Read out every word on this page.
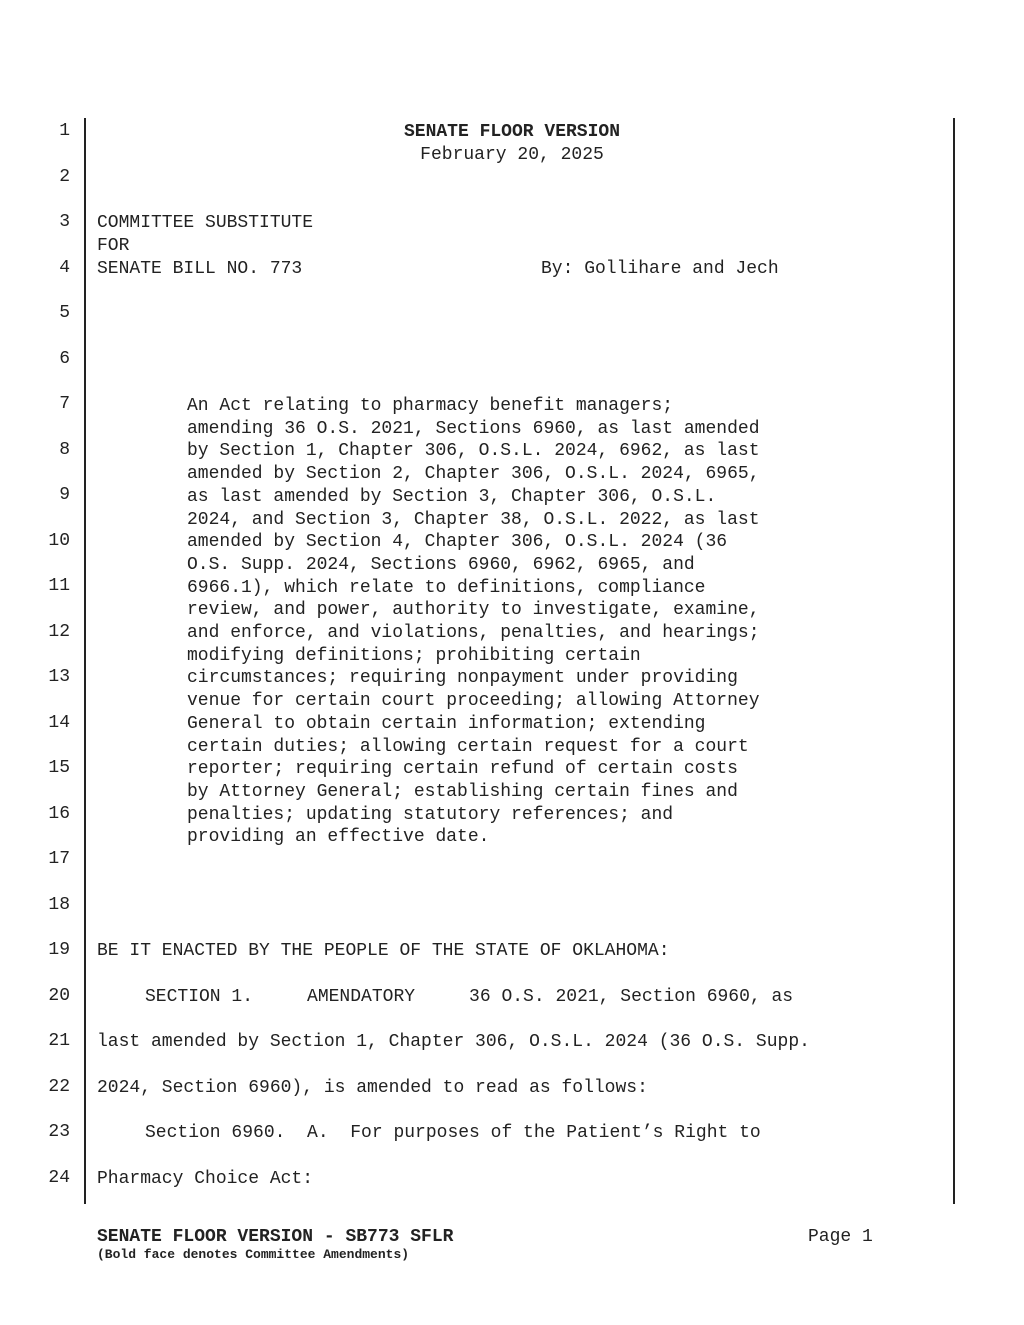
1
2
3
4
5
6
7
8
9
10
11
12
13
14
15
16
17
18
19
20
21
22
23
24
SENATE FLOOR VERSION
February 20, 2025
COMMITTEE SUBSTITUTE
FOR
SENATE BILL NO. 773	By: Gollihare and Jech
An Act relating to pharmacy benefit managers;
amending 36 O.S. 2021, Sections 6960, as last amended
by Section 1, Chapter 306, O.S.L. 2024, 6962, as last
amended by Section 2, Chapter 306, O.S.L. 2024, 6965,
as last amended by Section 3, Chapter 306, O.S.L.
2024, and Section 3, Chapter 38, O.S.L. 2022, as last
amended by Section 4, Chapter 306, O.S.L. 2024 (36
O.S. Supp. 2024, Sections 6960, 6962, 6965, and
6966.1), which relate to definitions, compliance
review, and power, authority to investigate, examine,
and enforce, and violations, penalties, and hearings;
modifying definitions; prohibiting certain
circumstances; requiring nonpayment under providing
venue for certain court proceeding; allowing Attorney
General to obtain certain information; extending
certain duties; allowing certain request for a court
reporter; requiring certain refund of certain costs
by Attorney General; establishing certain fines and
penalties; updating statutory references; and
providing an effective date.
BE IT ENACTED BY THE PEOPLE OF THE STATE OF OKLAHOMA:
SECTION 1.     AMENDATORY     36 O.S. 2021, Section 6960, as
last amended by Section 1, Chapter 306, O.S.L. 2024 (36 O.S. Supp.
2024, Section 6960), is amended to read as follows:
Section 6960.  A.  For purposes of the Patient’s Right to
Pharmacy Choice Act:
SENATE FLOOR VERSION - SB773 SFLR
(Bold face denotes Committee Amendments)
Page 1
